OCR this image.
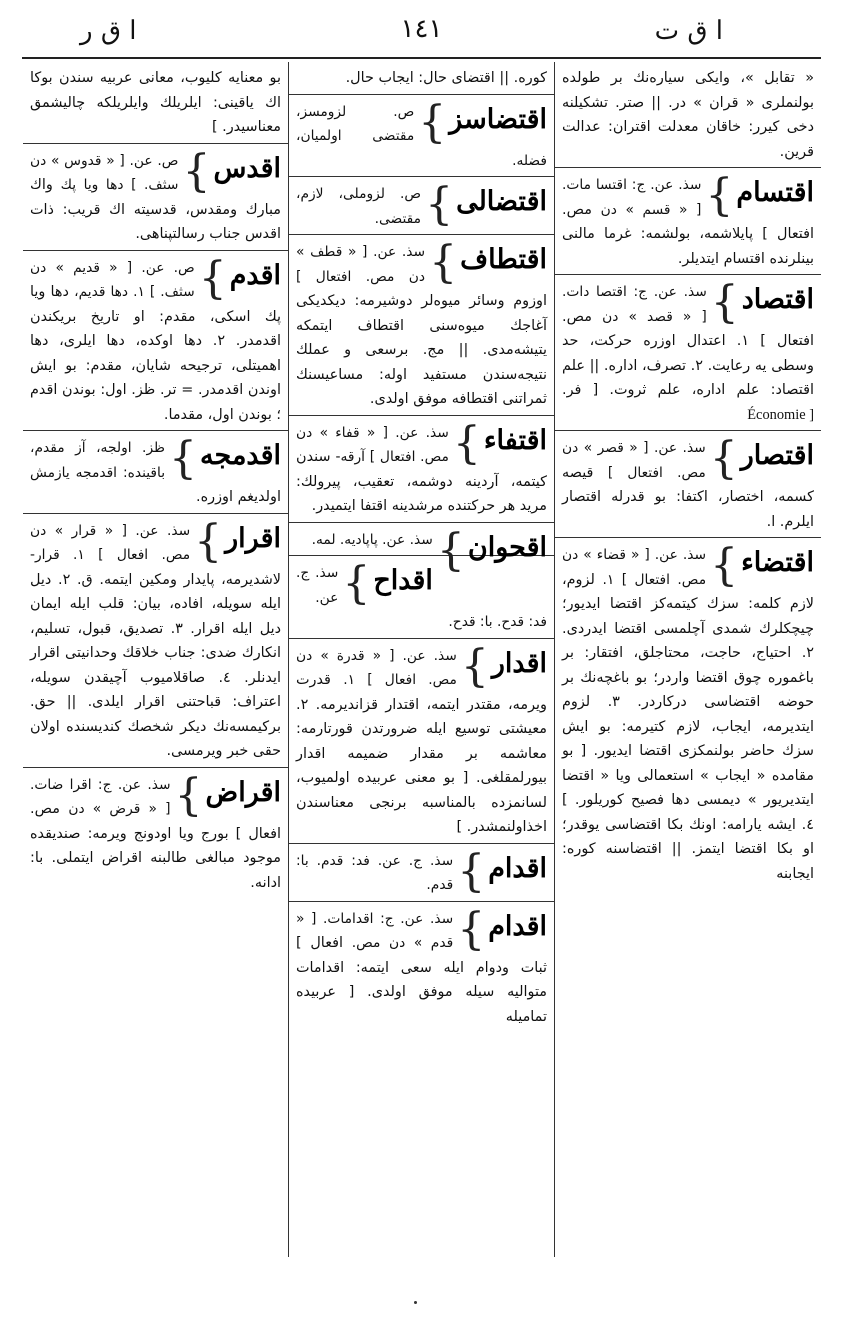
ا ق ت
١٤١
ا ق ر
« تقابل »، وایکی سیاره‌نك بر طولده بولنملری « قران » در. || صتر. تشکیلنه دخی کیرر: خاقان معدلت اقتران: عدالت قرین.
اقتسام
}
سذ. عن. ج: اقتسا مات. [ « قسم » دن مص. افتعال ] پایلاشمه، بولشمه: غرما مالنی بینلرنده اقتسام ایتدیلر.
اقتصاد
}
سذ. عن. ج: اقتصا دات. [ « قصد » دن مص. افتعال ] ١. اعتدال اوزره حرکت، حد وسطی یه رعایت. ٢. تصرف، اداره. || علم اقتصاد: علم اداره، علم ثروت. [ فر. Économie ]
اقتصار
}
سذ. عن. [ « قصر » دن مص. افتعال ] قیصه کسمه، اختصار، اکتفا: بو قدرله اقتصار ایلرم. ا.
اقتضاء
}
سذ. عن. [ « قضاء » دن مص. افتعال ] ١. لزوم، لازم کلمه: سزك کیتمه‌کز اقتضا ایدیور؛ چیچکلرك شمدی آچلمسی اقتضا ایدردی. ٢. احتیاج، حاجت، محتاجلق، افتقار: بر باغموره چوق اقتضا واردر؛ بو باغچه‌نك بر حوضه اقتضاسی درکاردر. ٣. لزوم ایتدیرمه، ایجاب، لازم کتیرمه: بو ایش سزك حاضر بولنمکزی اقتضا ایدیور. [ بو مقامده « ایجاب » استعمالی ویا « اقتضا ایتدیریور » دیمسی دها فصیح کوریلور. ] ٤. ایشه یارامه: اونك بکا اقتضاسی یوقدر؛ او بکا اقتضا ایتمز. || اقتضاسنه کوره: ایجابنه
کوره. || اقتضای حال: ایجاب حال.
اقتضاسز
}
ص. لزومسز، مقتضی اولمیان، فضله.
اقتضالی
}
ص. لزوملی، لازم، مقتضی.
اقتطاف
}
سذ. عن. [ « قطف » دن مص. افتعال ] اوزوم وسائر میوه‌لر دوشیرمه: دیکدیکی آغاجك میوه‌سنی اقتطاف ایتمکه یتیشه‌مدی. || مج. برسعی و عملك نتیجه‌سندن مستفید اوله: مساعیسنك ثمراتنی اقتطافه موفق اولدی.
اقتفاء
}
سذ. عن. [ « قفاء » دن مص. افتعال ] آرقه- سندن کیتمه، آردینه دوشمه، تعقیب، پیرولك: مرید هر حرکتنده مرشدینه اقتفا ایتمیدر.
اقحوان
}
سذ. عن. پاپادیه. لمه.
اقداح
}
سذ. ج. عن. فد: قدح. با: قدح.
اقدار
}
سذ. عن. [ « قدرة » دن مص. افعال ] ١. قدرت ویرمه، مقتدر ایتمه، اقتدار قزاندیرمه. ٢. معیشتی توسیع ایله ضرورتدن قورتارمه: معاشمه بر مقدار ضمیمه اقدار بیورلمقلغی. [ بو معنی عربیده اولمیوب، لسانمزده بالمناسبه برنجی معناسندن اخذاولنمشدر. ]
اقدام
}
سذ. ج. عن. فد: قدم. با: قدم.
اقدام
}
سذ. عن. ج: اقدامات. [ « قدم » دن مص. افعال ] ثبات ودوام ایله سعی ایتمه: اقدامات متوالیه سیله موفق اولدی. [ عربیده تمامیله
بو معنایه کلیوب، معانی عربیه سندن بوکا اك یاقینی: ایلریلك وایلریلکه چالیشمق معناسیدر. ]
اقدس
}
ص. عن. [ « قدوس » دن سثف. ] دها ویا پك واك مبارك ومقدس، قدسیته اك قریب: ذات اقدس جناب رسالتپناهی.
اقدم
}
ص. عن. [ « قدیم » دن سثف. ] ١. دها قدیم، دها ویا پك اسکی، مقدم: او تاریخ بریکندن اقدمدر. ٢. دها اوکده، دها ایلری، دها اهمیتلی، ترجیحه شایان، مقدم: بو ایش اوندن اقدمدر. = تر. ظز. اول: بوندن اقدم ؛ بوندن اول، مقدما.
اقدمجه
}
ظز. اولجه، آز مقدم، باقینده: اقدمجه یازمش اولدیغم اوزره.
اقرار
}
سذ. عن. [ « قرار » دن مص. افعال ] ١. قرار- لاشدیرمه، پایدار ومکین ایتمه. ق. ٢. دیل ایله سویله، افاده، بیان: قلب ایله ایمان دیل ایله اقرار. ٣. تصدیق، قبول، تسلیم، انکارك ضدی: جناب خلاقك وحدانیتی اقرار ایدنلر. ٤. صاقلامیوب آچیقدن سویله، اعتراف: قباحتنی اقرار ایلدی. || حق. برکیمسه‌نك دیکر شخصك کندیسنده اولان حقی خبر ویرمسی.
اقراض
}
سذ. عن. ج: اقرا ضات. [ « قرض » دن مص. افعال ] بورج ویا اودونج ویرمه: صندیقده موجود مبالغی طالبنه اقراض ایتملی. با: ادانه.
